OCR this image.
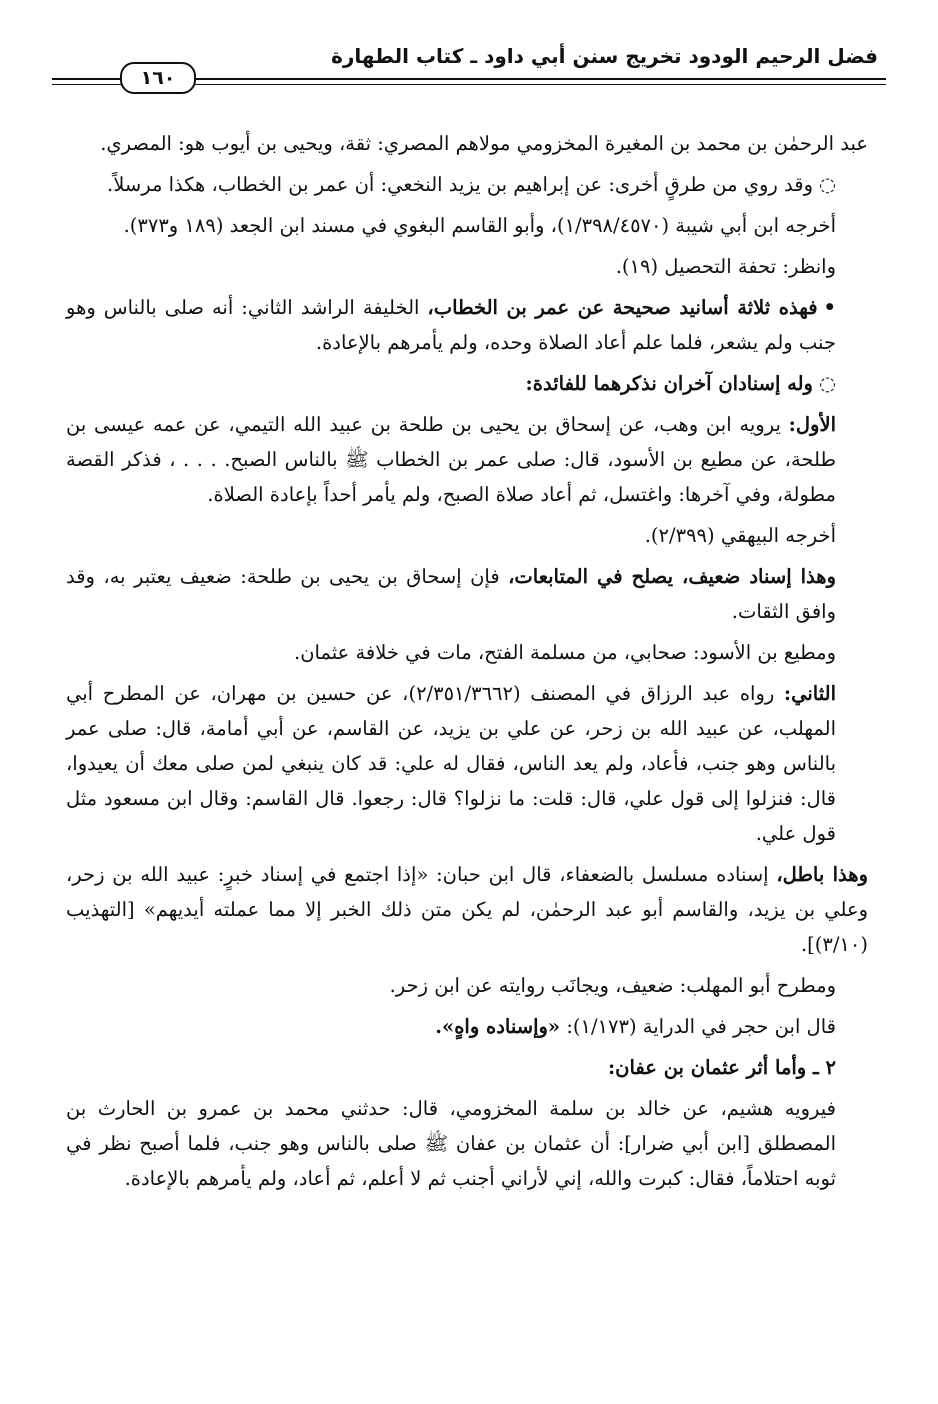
فضل الرحيم الودود تخريج سنن أبي داود ـ كتاب الطهارة
١٦٠

عبد الرحمٰن بن محمد بن المغيرة المخزومي مولاهم المصري: ثقة، ويحيى بن أيوب هو: المصري.

◌وقد روي من طرقٍ أخرى: عن إبراهيم بن يزيد النخعي: أن عمر بن الخطاب، هكذا مرسلاً.

أخرجه ابن أبي شيبة (١/٣٩٨/٤٥٧٠)، وأبو القاسم البغوي في مسند ابن الجعد (١٨٩ و٣٧٣).

وانظر: تحفة التحصيل (١٩).

•فهذه ثلاثة أسانيد صحيحة عن عمر بن الخطاب، الخليفة الراشد الثاني: أنه صلى بالناس وهو جنب ولم يشعر، فلما علم أعاد الصلاة وحده، ولم يأمرهم بالإعادة.

◌وله إسنادان آخران نذكرهما للفائدة:

الأول: يرويه ابن وهب، عن إسحاق بن يحيى بن طلحة بن عبيد الله التيمي، عن عمه عيسى بن طلحة، عن مطيع بن الأسود، قال: صلى عمر بن الخطاب ﷺ بالناس الصبح. . . . ، فذكر القصة مطولة، وفي آخرها: واغتسل، ثم أعاد صلاة الصبح، ولم يأمر أحداً بإعادة الصلاة.

أخرجه البيهقي (٢/٣٩٩).

وهذا إسناد ضعيف، يصلح في المتابعات، فإن إسحاق بن يحيى بن طلحة: ضعيف يعتبر به، وقد وافق الثقات.

ومطيع بن الأسود: صحابي، من مسلمة الفتح، مات في خلافة عثمان.

الثاني: رواه عبد الرزاق في المصنف (٢/٣٥١/٣٦٦٢)، عن حسين بن مهران، عن المطرح أبي المهلب، عن عبيد الله بن زحر، عن علي بن يزيد، عن القاسم، عن أبي أمامة، قال: صلى عمر بالناس وهو جنب، فأعاد، ولم يعد الناس، فقال له علي: قد كان ينبغي لمن صلى معك أن يعيدوا، قال: فنزلوا إلى قول علي، قال: قلت: ما نزلوا؟ قال: رجعوا. قال القاسم: وقال ابن مسعود مثل قول علي.

وهذا باطل، إسناده مسلسل بالضعفاء، قال ابن حبان: «إذا اجتمع في إسناد خبرٍ: عبيد الله بن زحر، وعلي بن يزيد، والقاسم أبو عبد الرحمٰن، لم يكن متن ذلك الخبر إلا مما عملته أيديهم» [التهذيب (٣/١٠)].

ومطرح أبو المهلب: ضعيف، ويجانَب روايته عن ابن زحر.

قال ابن حجر في الدراية (١/١٧٣): «وإسناده واهٍ».

٢ ـ وأما أثر عثمان بن عفان:

فيرويه هشيم، عن خالد بن سلمة المخزومي، قال: حدثني محمد بن عمرو بن الحارث بن المصطلق [ابن أبي ضرار]: أن عثمان بن عفان ﷺ صلى بالناس وهو جنب، فلما أصبح نظر في ثوبه احتلاماً، فقال: كبرت والله، إني لأراني أجنب ثم لا أعلم، ثم أعاد، ولم يأمرهم بالإعادة.
